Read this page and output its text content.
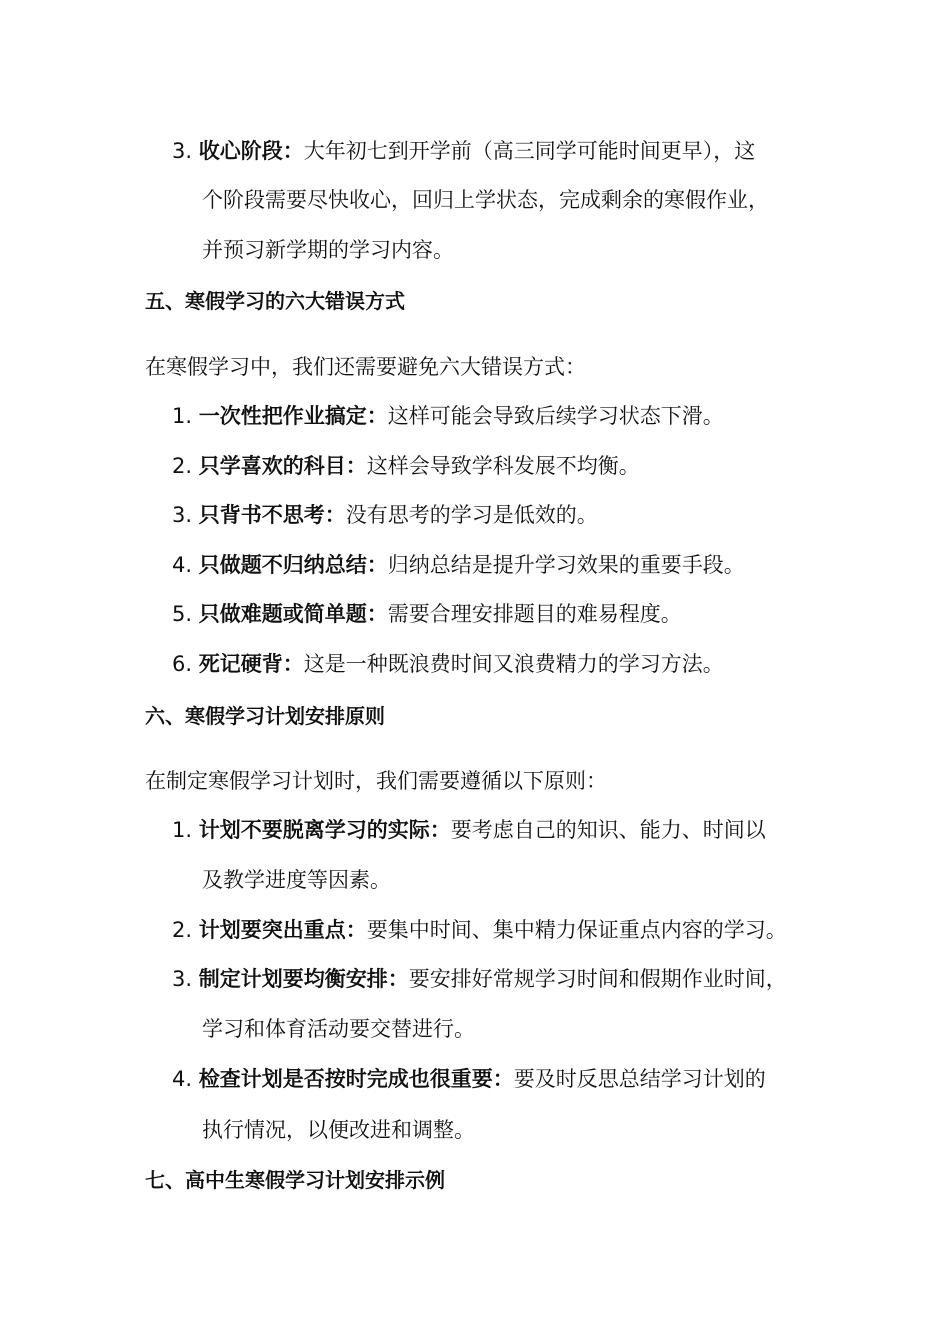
3. 收心阶段：大年初七到开学前（高三同学可能时间更早），这
个阶段需要尽快收心，回归上学状态，完成剩余的寒假作业，
并预习新学期的学习内容。
五、寒假学习的六大错误方式
在寒假学习中，我们还需要避免六大错误方式：
1. 一次性把作业搞定：这样可能会导致后续学习状态下滑。
2. 只学喜欢的科目：这样会导致学科发展不均衡。
3. 只背书不思考：没有思考的学习是低效的。
4. 只做题不归纳总结：归纳总结是提升学习效果的重要手段。
5. 只做难题或简单题：需要合理安排题目的难易程度。
6. 死记硬背：这是一种既浪费时间又浪费精力的学习方法。
六、寒假学习计划安排原则
在制定寒假学习计划时，我们需要遵循以下原则：
1. 计划不要脱离学习的实际：要考虑自己的知识、能力、时间以
及教学进度等因素。
2. 计划要突出重点：要集中时间、集中精力保证重点内容的学习。
3. 制定计划要均衡安排：要安排好常规学习时间和假期作业时间，
学习和体育活动要交替进行。
4. 检查计划是否按时完成也很重要：要及时反思总结学习计划的
执行情况，以便改进和调整。
七、高中生寒假学习计划安排示例
